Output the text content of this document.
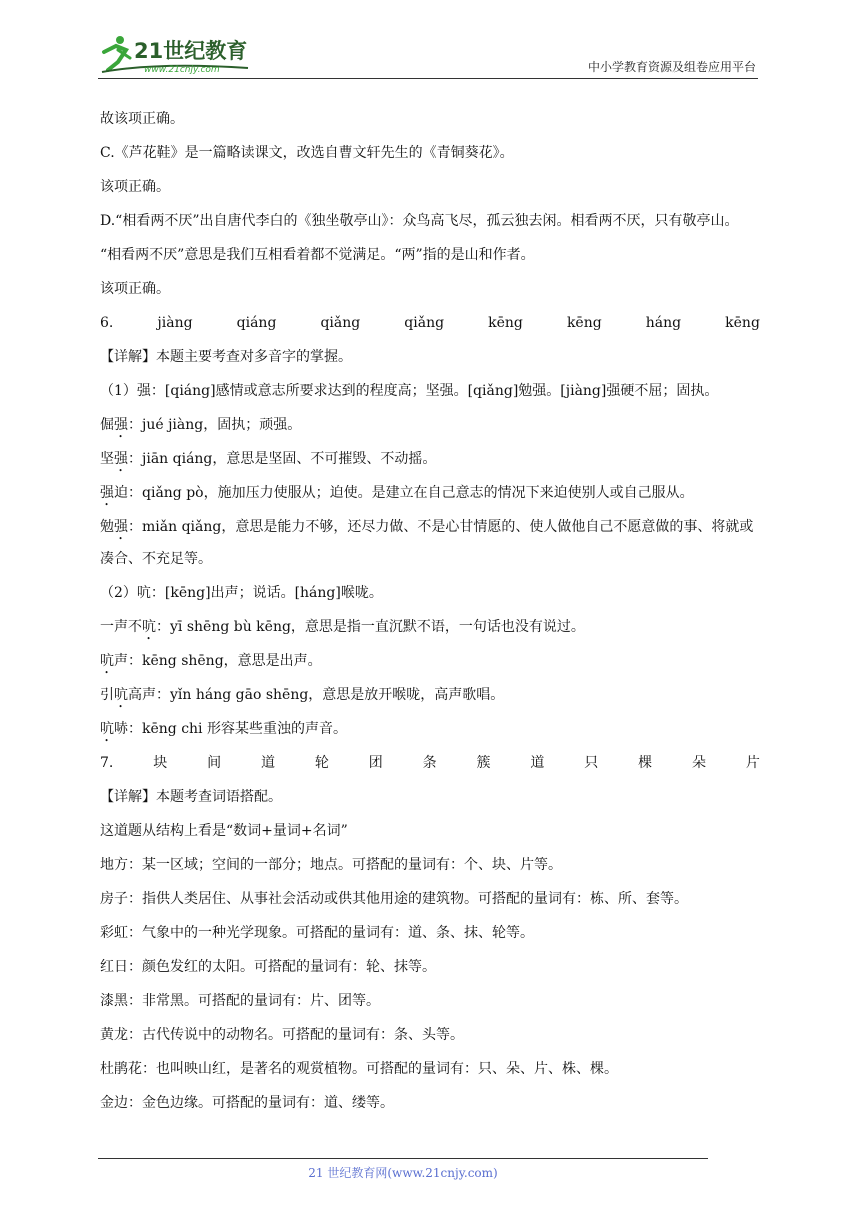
21世纪教育
www.21cnjy.com	中小学教育资源及组卷应用平台
故该项正确。
C.《芦花鞋》是一篇略读课文，改选自曹文轩先生的《青铜葵花》。
该项正确。
D.“相看两不厌”出自唐代李白的《独坐敬亭山》：众鸟高飞尽，孤云独去闲。相看两不厌，只有敬亭山。
“相看两不厌”意思是我们互相看着都不觉满足。“两”指的是山和作者。
该项正确。
6.	jiàng	qiáng	qiǎng	qiǎng	kēng	kēng	háng	kēng
【详解】本题主要考查对多音字的掌握。
（1）强：[qiáng]感情或意志所要求达到的程度高；坚强。[qiǎng]勉强。[jiàng]强硬不屈；固执。
倔强：jué jiàng，固执；顽强。
坚强：jiān qiáng，意思是坚固、不可摧毁、不动摇。
强迫：qiǎng pò，施加压力使服从；迫使。是建立在自己意志的情况下来迫使别人或自己服从。
勉强：miǎn qiǎng，意思是能力不够，还尽力做、不是心甘情愿的、使人做他自己不愿意做的事、将就或凑合、不充足等。
（2）吭：[kēng]出声；说话。[háng]喉咙。
一声不吭：yī shēng bù kēng，意思是指一直沉默不语，一句话也没有说过。
吭声：kēng shēng，意思是出声。
引吭高声：yǐn háng gāo shēng，意思是放开喉咙，高声歌唱。
吭哧：kēng chi 形容某些重浊的声音。
7.	块	间	道	轮	团	条	簇	道	只	棵	朵	片
【详解】本题考查词语搭配。
这道题从结构上看是“数词+量词+名词”
地方：某一区域；空间的一部分；地点。可搭配的量词有：个、块、片等。
房子：指供人类居住、从事社会活动或供其他用途的建筑物。可搭配的量词有：栋、所、套等。
彩虹：气象中的一种光学现象。可搭配的量词有：道、条、抹、轮等。
红日：颜色发红的太阳。可搭配的量词有：轮、抹等。
漆黑：非常黑。可搭配的量词有：片、团等。
黄龙：古代传说中的动物名。可搭配的量词有：条、头等。
杜鹃花：也叫映山红，是著名的观赏植物。可搭配的量词有：只、朵、片、株、棵。
金边：金色边缘。可搭配的量词有：道、缕等。
21 世纪教育网(www.21cnjy.com)
